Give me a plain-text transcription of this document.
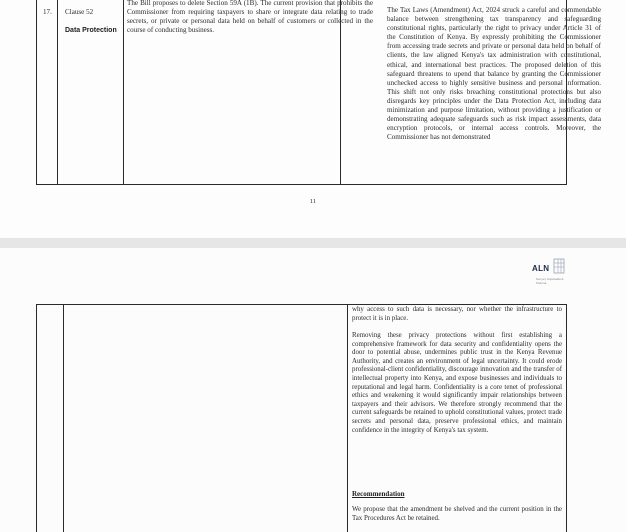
17. Clause 52
Data Protection
The Bill proposes to delete Section 59A (1B). The current provision that prohibits the Commissioner from requiring taxpayers to share or integrate data relating to trade secrets, or private or personal data held on behalf of customers or collected in the course of conducting business.
The Tax Laws (Amendment) Act, 2024 struck a careful and commendable balance between strengthening tax transparency and safeguarding constitutional rights, particularly the right to privacy under Article 31 of the Constitution of Kenya. By expressly prohibiting the Commissioner from accessing trade secrets and private or personal data held on behalf of clients, the law aligned Kenya's tax administration with constitutional, ethical, and international best practices. The proposed deletion of this safeguard threatens to upend that balance by granting the Commissioner unchecked access to highly sensitive business and personal information. This shift not only risks breaching constitutional protections but also disregards key principles under the Data Protection Act, including data minimization and purpose limitation, without providing a justification or demonstrating adequate safeguards such as risk impact assessments, data encryption protocols, or internal access controls. Moreover, the Commissioner has not demonstrated
11
ALN
Kenya | Anjarwalla & Khanna
why access to such data is necessary, nor whether the infrastructure to protect it is in place.
Removing these privacy protections without first establishing a comprehensive framework for data security and confidentiality opens the door to potential abuse, undermines public trust in the Kenya Revenue Authority, and creates an environment of legal uncertainty. It could erode professional-client confidentiality, discourage innovation and the transfer of intellectual property into Kenya, and expose businesses and individuals to reputational and legal harm. Confidentiality is a core tenet of professional ethics and weakening it would significantly impair relationships between taxpayers and their advisors. We therefore strongly recommend that the current safeguards be retained to uphold constitutional values, protect trade secrets and personal data, preserve professional ethics, and maintain confidence in the integrity of Kenya's tax system.
Recommendation
We propose that the amendment be shelved and the current position in the Tax Procedures Act be retained.
